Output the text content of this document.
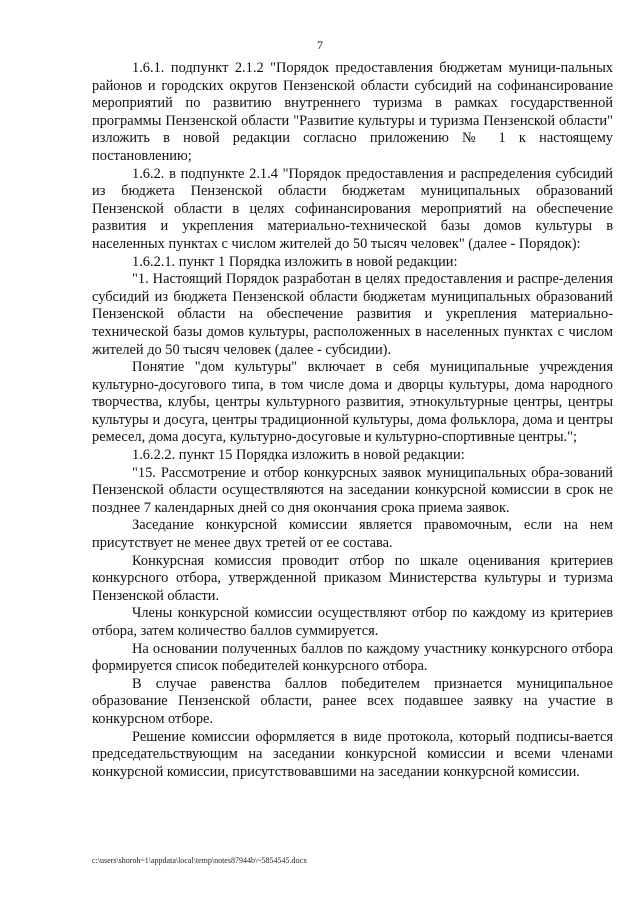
7

1.6.1. подпункт 2.1.2 "Порядок предоставления бюджетам муници-пальных районов и городских округов Пензенской области субсидий на софинансирование мероприятий по развитию внутреннего туризма в рамках государственной программы Пензенской области "Развитие культуры и туризма Пензенской области" изложить в новой редакции согласно приложению № 1 к настоящему постановлению;

1.6.2. в подпункте 2.1.4 "Порядок предоставления и распределения субсидий из бюджета Пензенской области бюджетам муниципальных образований Пензенской области в целях софинансирования мероприятий на обеспечение развития и укрепления материально-технической базы домов культуры в населенных пунктах с числом жителей до 50 тысяч человек" (далее - Порядок):

1.6.2.1. пункт 1 Порядка изложить в новой редакции:

"1. Настоящий Порядок разработан в целях предоставления и распре-деления субсидий из бюджета Пензенской области бюджетам муниципальных образований Пензенской области на обеспечение развития и укрепления материально-технической базы домов культуры, расположенных в населенных пунктах с числом жителей до 50 тысяч человек (далее - субсидии).

Понятие "дом культуры" включает в себя муниципальные учреждения культурно-досугового типа, в том числе дома и дворцы культуры, дома народного творчества, клубы, центры культурного развития, этнокультурные центры, центры культуры и досуга, центры традиционной культуры, дома фольклора, дома и центры ремесел, дома досуга, культурно-досуговые и культурно-спортивные центры.";

1.6.2.2. пункт 15 Порядка изложить в новой редакции:

"15. Рассмотрение и отбор конкурсных заявок муниципальных обра-зований Пензенской области осуществляются на заседании конкурсной комиссии в срок не позднее 7 календарных дней со дня окончания срока приема заявок.

Заседание конкурсной комиссии является правомочным, если на нем присутствует не менее двух третей от ее состава.

Конкурсная комиссия проводит отбор по шкале оценивания критериев конкурсного отбора, утвержденной приказом Министерства культуры и туризма Пензенской области.

Члены конкурсной комиссии осуществляют отбор по каждому из критериев отбора, затем количество баллов суммируется.

На основании полученных баллов по каждому участнику конкурсного отбора формируется список победителей конкурсного отбора.

В случае равенства баллов победителем признается муниципальное образование Пензенской области, ранее всех подавшее заявку на участие в конкурсном отборе.

Решение комиссии оформляется в виде протокола, который подписы-вается председательствующим на заседании конкурсной комиссии и всеми членами конкурсной комиссии, присутствовавшими на заседании конкурсной комиссии.

c:\users\shoroh~1\appdata\local\temp\notes87944b\~5854545.docx
